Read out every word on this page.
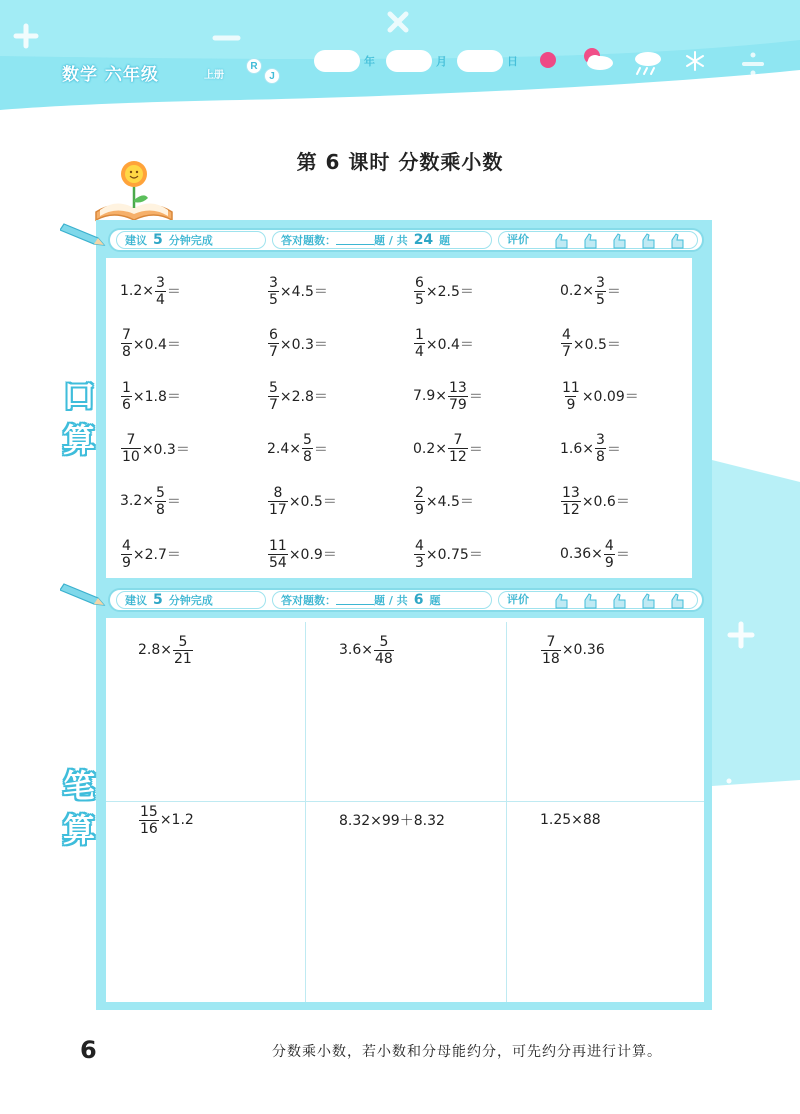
数学 六年级	上册
R
J
年	月	日
第 6 课时 分数乘小数
建议 5 分钟完成	答对题数：	题 / 共 24 题	评价
口
算
$1.2\times \frac{3}{4}$ ＝	$\frac{3}{5} \times 4.5=$	$\frac{6}{5} \times 2.5=$	$0.2\times \frac{3}{5}$ ＝
$\frac{7}{8} \times 0.4=$	$\frac{6}{7} \times 0.3=$	$\frac{1}{4} \times 0.4=$	$\frac{4}{7} \times 0.5=$
$\frac{1}{6} \times 1.8=$	$\frac{5}{7} \times 2.8=$	$7.9\times \frac{13}{79}$ ＝	$\frac{11}{9} \times 0.09=$
$\frac{7}{10} \times 0.3=$	$2.4\times \frac{5}{8}$ ＝	$0.2\times \frac{7}{12}$ ＝	$1.6\times \frac{3}{8}$ ＝
$3.2\times \frac{5}{8}$ ＝	$\frac{8}{17} \times 0.5=$	$\frac{2}{9} \times 4.5=$	$\frac{13}{12} \times 0.6=$
$\frac{4}{9} \times 2.7=$	$\frac{11}{54} \times 0.9=$	$\frac{4}{3} \times 0.75=$	$0.36\times \frac{4}{9}$ ＝
建议 5 分钟完成	答对题数：	题 / 共 6 题	评价
笔
算
$2.8\times \frac{5}{21}$	$3.6\times \frac{5}{48}$	$\frac{7}{18} \times 0.36$
$\frac{15}{16} \times 1.2$	8.32×99＋8.32	1.25×88
6	分数乘小数，若小数和分母能约分，可先约分再进行计算。
